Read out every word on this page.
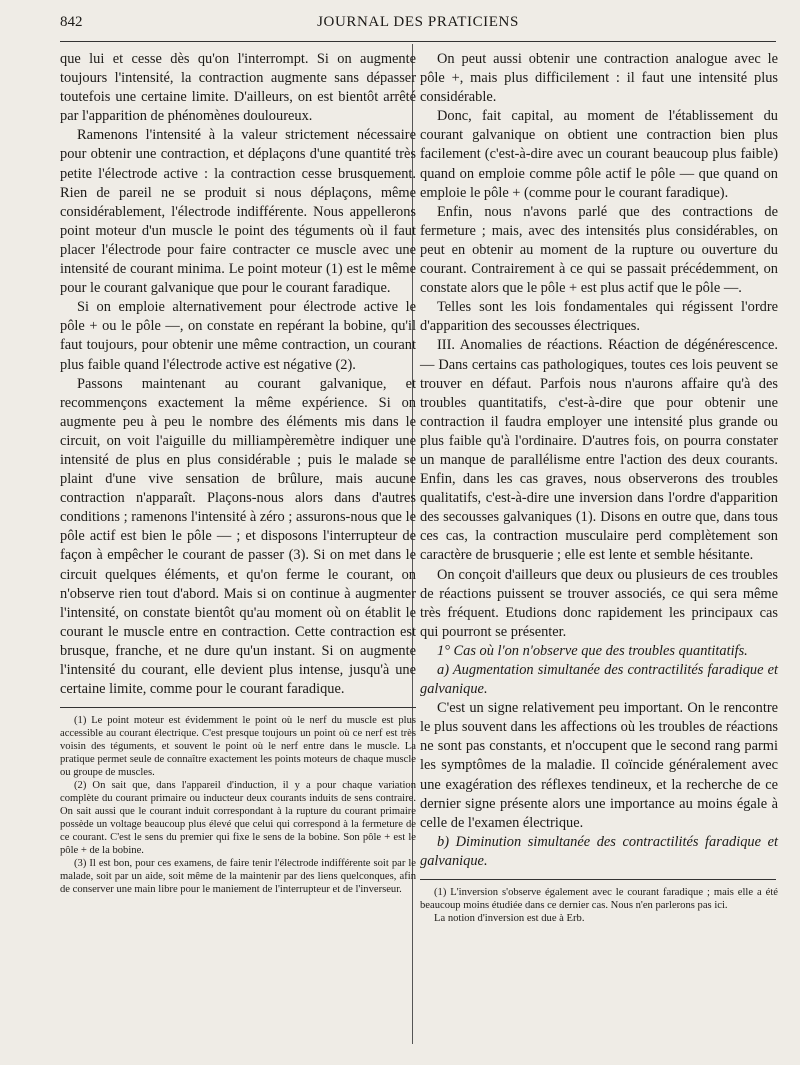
842	JOURNAL DES PRATICIENS

que lui et cesse dès qu'on l'interrompt. Si on augmente toujours l'intensité, la contraction augmente sans dépasser toutefois une certaine limite. D'ailleurs, on est bientôt arrêté par l'apparition de phénomènes douloureux.

Ramenons l'intensité à la valeur strictement nécessaire pour obtenir une contraction, et déplaçons d'une quantité très petite l'électrode active : la contraction cesse brusquement. Rien de pareil ne se produit si nous déplaçons, même considérablement, l'électrode indifférente. Nous appellerons point moteur d'un muscle le point des téguments où il faut placer l'électrode pour faire contracter ce muscle avec une intensité de courant minima. Le point moteur (1) est le même pour le courant galvanique que pour le courant faradique.

Si on emploie alternativement pour électrode active le pôle + ou le pôle —, on constate en repérant la bobine, qu'il faut toujours, pour obtenir une même contraction, un courant plus faible quand l'électrode active est négative (2).

Passons maintenant au courant galvanique, et recommençons exactement la même expérience. Si on augmente peu à peu le nombre des éléments mis dans le circuit, on voit l'aiguille du milliampèremètre indiquer une intensité de plus en plus considérable ; puis le malade se plaint d'une vive sensation de brûlure, mais aucune contraction n'apparaît. Plaçons-nous alors dans d'autres conditions ; ramenons l'intensité à zéro ; assurons-nous que le pôle actif est bien le pôle — ; et disposons l'interrupteur de façon à empêcher le courant de passer (3). Si on met dans le circuit quelques éléments, et qu'on ferme le courant, on n'observe rien tout d'abord. Mais si on continue à augmenter l'intensité, on constate bientôt qu'au moment où on établit le courant le muscle entre en contraction. Cette contraction est brusque, franche, et ne dure qu'un instant. Si on augmente l'intensité du courant, elle devient plus intense, jusqu'à une certaine limite, comme pour le courant faradique.

(1) Le point moteur est évidemment le point où le nerf du muscle est plus accessible au courant électrique. C'est presque toujours un point où ce nerf est très voisin des téguments, et souvent le point où le nerf entre dans le muscle. La pratique permet seule de connaître exactement les points moteurs de chaque muscle ou groupe de muscles.

(2) On sait que, dans l'appareil d'induction, il y a pour chaque variation complète du courant primaire ou inducteur deux courants induits de sens contraire. On sait aussi que le courant induit correspondant à la rupture du courant primaire possède un voltage beaucoup plus élevé que celui qui correspond à la fermeture de ce courant. C'est le sens du premier qui fixe le sens de la bobine. Son pôle + est le pôle + de la bobine.

(3) Il est bon, pour ces examens, de faire tenir l'électrode indifférente soit par le malade, soit par un aide, soit même de la maintenir par des liens quelconques, afin de conserver une main libre pour le maniement de l'interrupteur et de l'inverseur.

On peut aussi obtenir une contraction analogue avec le pôle +, mais plus difficilement : il faut une intensité plus considérable.

Donc, fait capital, au moment de l'établissement du courant galvanique on obtient une contraction bien plus facilement (c'est-à-dire avec un courant beaucoup plus faible) quand on emploie comme pôle actif le pôle — que quand on emploie le pôle + (comme pour le courant faradique).

Enfin, nous n'avons parlé que des contractions de fermeture ; mais, avec des intensités plus considérables, on peut en obtenir au moment de la rupture ou ouverture du courant. Contrairement à ce qui se passait précédemment, on constate alors que le pôle + est plus actif que le pôle —.

Telles sont les lois fondamentales qui régissent l'ordre d'apparition des secousses électriques.

III. Anomalies de réactions. Réaction de dégénérescence. — Dans certains cas pathologiques, toutes ces lois peuvent se trouver en défaut. Parfois nous n'aurons affaire qu'à des troubles quantitatifs, c'est-à-dire que pour obtenir une contraction il faudra employer une intensité plus grande ou plus faible qu'à l'ordinaire. D'autres fois, on pourra constater un manque de parallélisme entre l'action des deux courants. Enfin, dans les cas graves, nous observerons des troubles qualitatifs, c'est-à-dire une inversion dans l'ordre d'apparition des secousses galvaniques (1). Disons en outre que, dans tous ces cas, la contraction musculaire perd complètement son caractère de brusquerie ; elle est lente et semble hésitante.

On conçoit d'ailleurs que deux ou plusieurs de ces troubles de réactions puissent se trouver associés, ce qui sera même très fréquent. Etudions donc rapidement les principaux cas qui pourront se présenter.

1° Cas où l'on n'observe que des troubles quantitatifs.

a) Augmentation simultanée des contractilités faradique et galvanique.

C'est un signe relativement peu important. On le rencontre le plus souvent dans les affections où les troubles de réactions ne sont pas constants, et n'occupent que le second rang parmi les symptômes de la maladie. Il coïncide généralement avec une exagération des réflexes tendineux, et la recherche de ce dernier signe présente alors une importance au moins égale à celle de l'examen électrique.

b) Diminution simultanée des contractilités faradique et galvanique.

(1) L'inversion s'observe également avec le courant faradique ; mais elle a été beaucoup moins étudiée dans ce dernier cas. Nous n'en parlerons pas ici.

La notion d'inversion est due à Erb.
